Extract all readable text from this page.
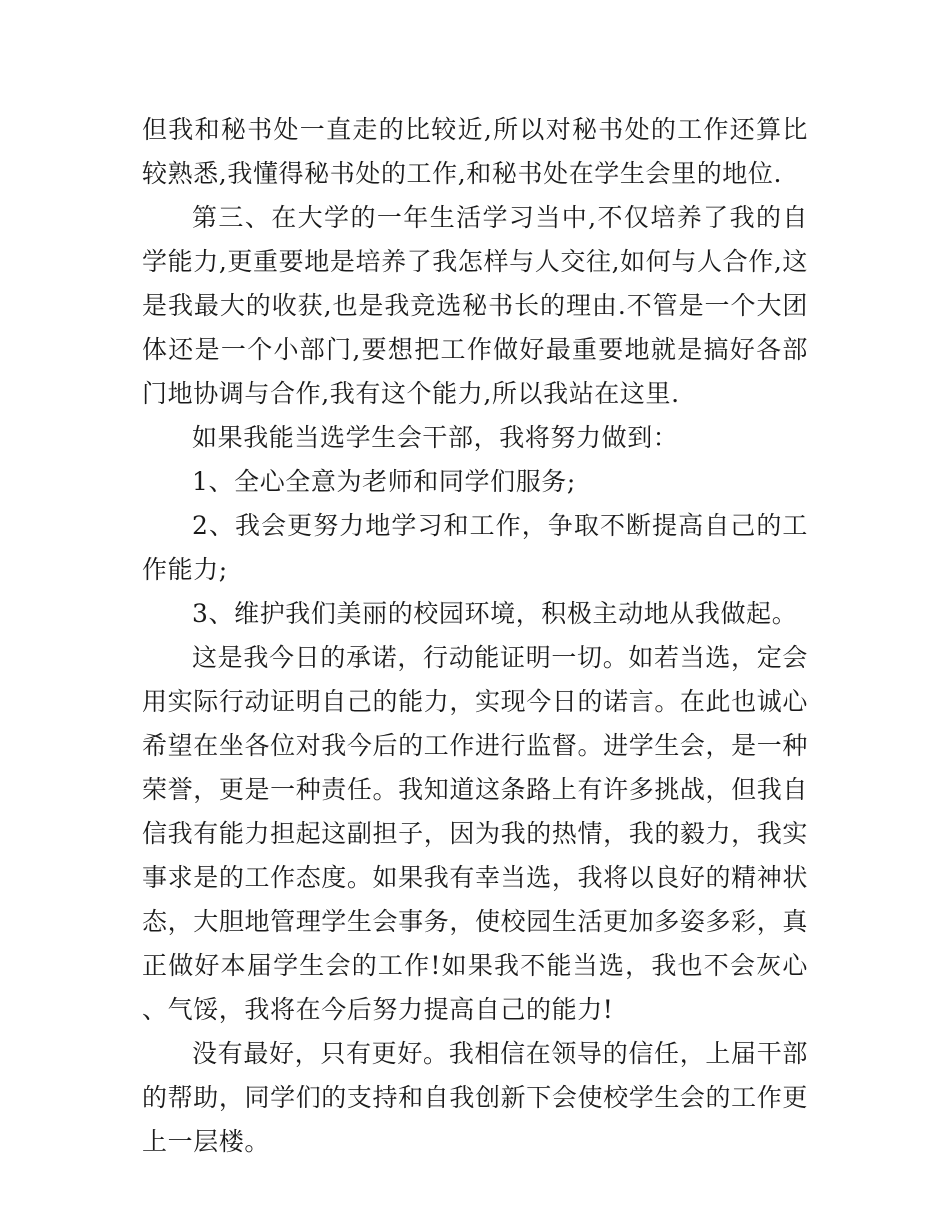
但我和秘书处一直走的比较近,所以对秘书处的工作还算比较熟悉,我懂得秘书处的工作,和秘书处在学生会里的地位.

第三、在大学的一年生活学习当中,不仅培养了我的自学能力,更重要地是培养了我怎样与人交往,如何与人合作,这是我最大的收获,也是我竞选秘书长的理由.不管是一个大团体还是一个小部门,要想把工作做好最重要地就是搞好各部门地协调与合作,我有这个能力,所以我站在这里.

如果我能当选学生会干部，我将努力做到：

1、全心全意为老师和同学们服务;

2、我会更努力地学习和工作，争取不断提高自己的工作能力;

3、维护我们美丽的校园环境，积极主动地从我做起。

这是我今日的承诺，行动能证明一切。如若当选，定会用实际行动证明自己的能力，实现今日的诺言。在此也诚心希望在坐各位对我今后的工作进行监督。进学生会，是一种荣誉，更是一种责任。我知道这条路上有许多挑战，但我自信我有能力担起这副担子，因为我的热情，我的毅力，我实事求是的工作态度。如果我有幸当选，我将以良好的精神状态，大胆地管理学生会事务，使校园生活更加多姿多彩，真正做好本届学生会的工作!如果我不能当选，我也不会灰心、气馁，我将在今后努力提高自己的能力!

没有最好，只有更好。我相信在领导的信任，上届干部的帮助，同学们的支持和自我创新下会使校学生会的工作更上一层楼。
